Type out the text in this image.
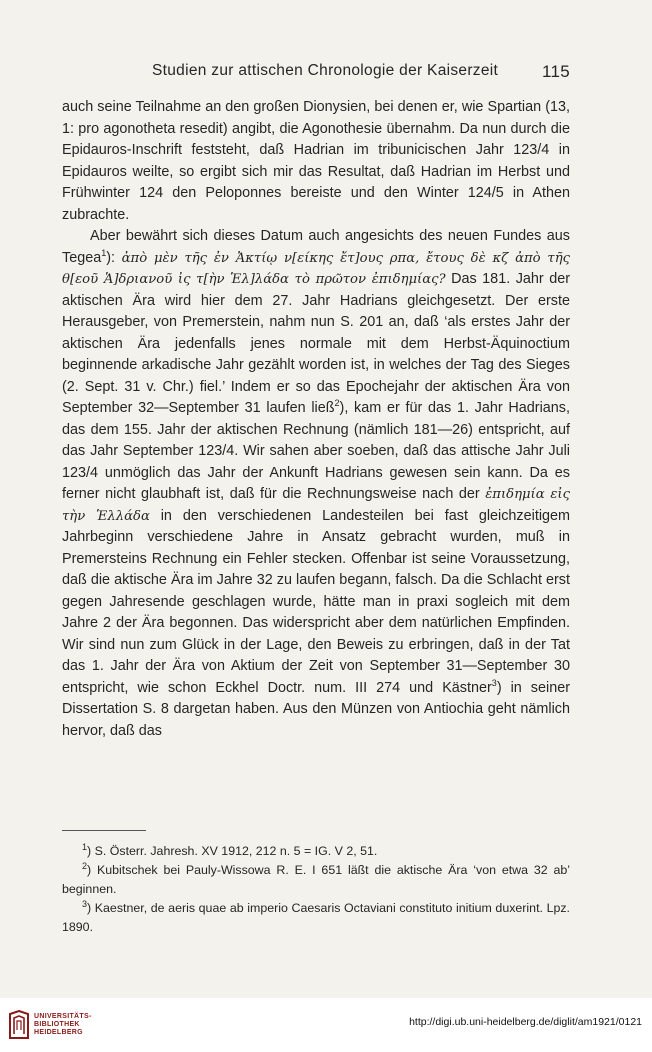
Studien zur attischen Chronologie der Kaiserzeit	115

auch seine Teilnahme an den großen Dionysien, bei denen er, wie Spartian (13, 1: pro agonotheta resedit) angibt, die Agonothesie übernahm. Da nun durch die Epidauros-Inschrift feststeht, daß Hadrian im tribunicischen Jahr 123/4 in Epidauros weilte, so ergibt sich mir das Resultat, daß Hadrian im Herbst und Frühwinter 124 den Peloponnes bereiste und den Winter 124/5 in Athen zubrachte.

Aber bewährt sich dieses Datum auch angesichts des neuen Fundes aus Tegea$^1$): ἀπὸ μὲν τῆς ἐν Ἀκτίῳ ν[είκης ἔτ]ους ρπα, ἔτους δὲ κζ ἀπὸ τῆς θ[εοῦ Ἁ]δριανοῦ ἰς τ[ὴν Ἑλ]λάδα τὸ πρῶτον ἐπιδημίας? Das 181. Jahr der aktischen Ära wird hier dem 27. Jahr Hadrians gleichgesetzt. Der erste Herausgeber, von Premerstein, nahm nun S. 201 an, daß ‘als erstes Jahr der aktischen Ära jedenfalls jenes normale mit dem Herbst-Äquinoctium beginnende arkadische Jahr gezählt worden ist, in welches der Tag des Sieges (2. Sept. 31 v. Chr.) fiel.’ Indem er so das Epochejahr der aktischen Ära von September 32—September 31 laufen ließ$^2$), kam er für das 1. Jahr Hadrians, das dem 155. Jahr der aktischen Rechnung (nämlich 181—26) entspricht, auf das Jahr September 123/4. Wir sahen aber soeben, daß das attische Jahr Juli 123/4 unmöglich das Jahr der Ankunft Hadrians gewesen sein kann. Da es ferner nicht glaubhaft ist, daß für die Rechnungsweise nach der ἐπιδημία εἰς τὴν Ἑλλάδα in den verschiedenen Landesteilen bei fast gleichzeitigem Jahrbeginn verschiedene Jahre in Ansatz gebracht wurden, muß in Premersteins Rechnung ein Fehler stecken. Offenbar ist seine Voraussetzung, daß die aktische Ära im Jahre 32 zu laufen begann, falsch. Da die Schlacht erst gegen Jahresende geschlagen wurde, hätte man in praxi sogleich mit dem Jahre 2 der Ära begonnen. Das widerspricht aber dem natürlichen Empfinden. Wir sind nun zum Glück in der Lage, den Beweis zu erbringen, daß in der Tat das 1. Jahr der Ära von Aktium der Zeit von September 31—September 30 entspricht, wie schon Eckhel Doctr. num. III 274 und Kästner$^3$) in seiner Dissertation S. 8 dargetan haben. Aus den Münzen von Antiochia geht nämlich hervor, daß das

$^1$) S. Österr. Jahresh. XV 1912, 212 n. 5 = IG. V 2, 51.

$^2$) Kubitschek bei Pauly-Wissowa R. E. I 651 läßt die aktische Ära ‘von etwa 32 ab’ beginnen.

$^3$) Kaestner, de aeris quae ab imperio Caesaris Octaviani constituto initium duxerint. Lpz. 1890.

UNIVERSITÄTS-
BIBLIOTHEK
HEIDELBERG
http://digi.ub.uni-heidelberg.de/diglit/am1921/0121
